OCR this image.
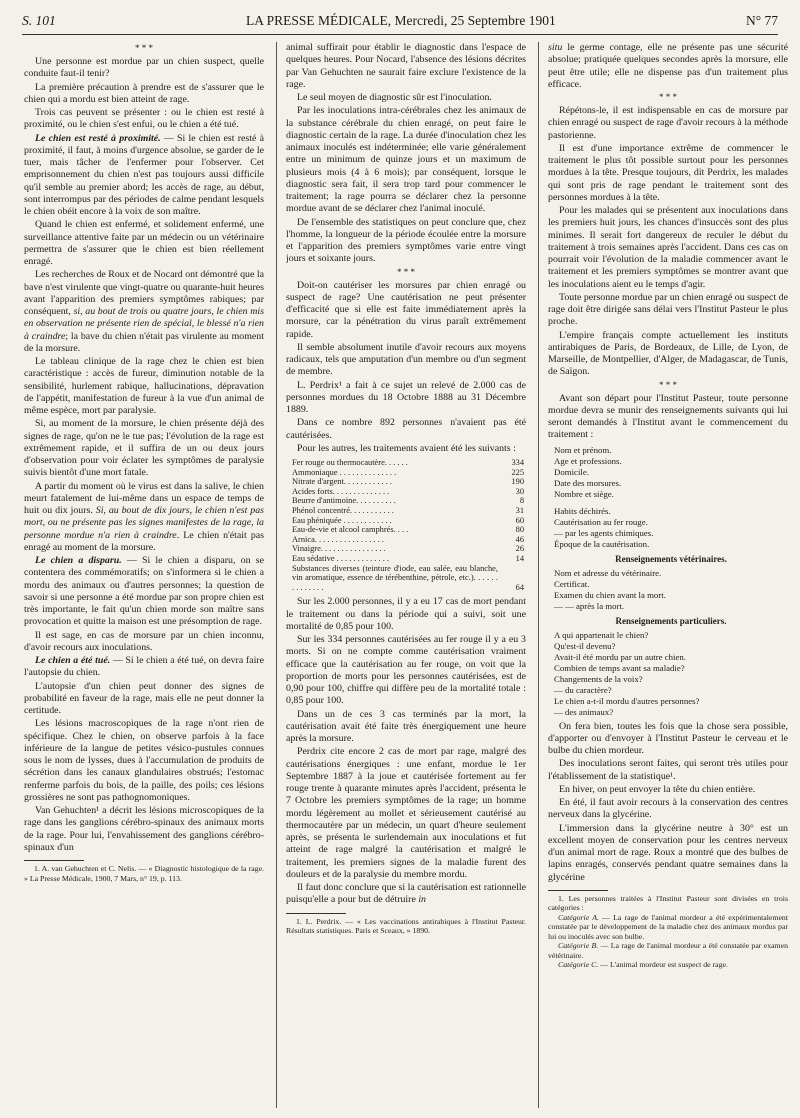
S. 101	LA PRESSE MÉDICALE, Mercredi, 25 Septembre 1901	N° 77
* * *

Une personne est mordue par un chien suspect, quelle conduite faut-il tenir?

La première précaution à prendre est de s'assurer que le chien qui a mordu est bien atteint de rage.

Trois cas peuvent se présenter : ou le chien est resté à proximité, ou le chien s'est enfui, ou le chien a été tué.

Le chien est resté à proximité. — Si le chien est resté à proximité, il faut, à moins d'urgence absolue, se garder de le tuer, mais tâcher de l'enfermer pour l'observer. Cet emprisonnement du chien n'est pas toujours aussi difficile qu'il semble au premier abord; les accès de rage, au début, sont interrompus par des périodes de calme pendant lesquels le chien obéit encore à la voix de son maître.

Quand le chien est enfermé, et solidement enfermé, une surveillance attentive faite par un médecin ou un vétérinaire permettra de s'assurer que le chien est bien réellement enragé.

Les recherches de Roux et de Nocard ont démontré que la bave n'est virulente que vingt-quatre ou quarante-huit heures avant l'apparition des premiers symptômes rabiques; par conséquent, si, au bout de trois ou quatre jours, le chien mis en observation ne présente rien de spécial, le blessé n'a rien à craindre; la bave du chien n'était pas virulente au moment de la morsure.

Le tableau clinique de la rage chez le chien est bien caractéristique : accès de fureur, diminution notable de la sensibilité, hurlement rabique, hallucinations, dépravation de l'appétit, manifestation de fureur à la vue d'un animal de même espèce, mort par paralysie.

Si, au moment de la morsure, le chien présente déjà des signes de rage, qu'on ne le tue pas; l'évolution de la rage est extrêmement rapide, et il suffira de un ou deux jours d'observation pour voir éclater les symptômes de paralysie suivis bientôt d'une mort fatale.

A partir du moment où le virus est dans la salive, le chien meurt fatalement de lui-même dans un espace de temps de huit ou dix jours. Si, au bout de dix jours, le chien n'est pas mort, ou ne présente pas les signes manifestes de la rage, la personne mordue n'a rien à craindre. Le chien n'était pas enragé au moment de la morsure.

Le chien a disparu. — Si le chien a disparu, on se contentera des commémoratifs; on s'informera si le chien a mordu des animaux ou d'autres personnes; la question de savoir si une personne a été mordue par son propre chien est très importante, le fait qu'un chien morde son maître sans provocation et quitte la maison est une présomption de rage.

Il est sage, en cas de morsure par un chien inconnu, d'avoir recours aux inoculations.

Le chien a été tué. — Si le chien a été tué, on devra faire l'autopsie du chien.

L'autopsie d'un chien peut donner des signes de probabilité en faveur de la rage, mais elle ne peut donner la certitude.

Les lésions macroscopiques de la rage n'ont rien de spécifique. Chez le chien, on observe parfois à la face inférieure de la langue de petites vésico-pustules connues sous le nom de lysses, dues à l'accumulation de produits de sécrétion dans les canaux glandulaires obstrués; l'estomac renferme parfois du bois, de la paille, des poils; ces lésions grossières ne sont pas pathognomoniques.

Van Gehuchten¹ a décrit les lésions microscopiques de la rage dans les ganglions cérébro-spinaux des animaux morts de la rage. Pour lui, l'envahissement des ganglions cérébro-spinaux d'un

1. A. van Gehuchten et C. Nelis. — « Diagnostic histologique de la rage. » La Presse Médicale, 1900, 7 Mars, n° 19, p. 113.

animal suffirait pour établir le diagnostic dans l'espace de quelques heures. Pour Nocard, l'absence des lésions décrites par Van Gehuchten ne saurait faire exclure l'existence de la rage.

Le seul moyen de diagnostic sûr est l'inoculation.

Par les inoculations intra-cérébrales chez les animaux de la substance cérébrale du chien enragé, on peut faire le diagnostic certain de la rage. La durée d'inoculation chez les animaux inoculés est indéterminée; elle varie généralement entre un minimum de quinze jours et un maximum de plusieurs mois (4 à 6 mois); par conséquent, lorsque le diagnostic sera fait, il sera trop tard pour commencer le traitement; la rage pourra se déclarer chez la personne mordue avant de se déclarer chez l'animal inoculé.

De l'ensemble des statistiques on peut conclure que, chez l'homme, la longueur de la période écoulée entre la morsure et l'apparition des premiers symptômes varie entre vingt jours et soixante jours.

* * *

Doit-on cautériser les morsures par chien enragé ou suspect de rage? Une cautérisation ne peut présenter d'efficacité que si elle est faite immédiatement après la morsure, car la pénétration du virus paraît extrêmement rapide.

Il semble absolument inutile d'avoir recours aux moyens radicaux, tels que amputation d'un membre ou d'un segment de membre.

L. Perdrix¹ a fait à ce sujet un relevé de 2.000 cas de personnes mordues du 18 Octobre 1888 au 31 Décembre 1889.

Dans ce nombre 892 personnes n'avaient pas été cautérisées.

Pour les autres, les traitements avaient été les suivants :

Fer rouge ou thermocautère. . . . . .	334
Ammoniaque . . . . . . . . . . . . . .	225
Nitrate d'argent. . . . . . . . . . . .	190
Acides forts. . . . . . . . . . . . . .	30
Beurre d'antimoine. . . . . . . . . .	8
Phénol concentré. . . . . . . . . . .	31
Eau phéniquée . . . . . . . . . . . .	60
Eau-de-vie et alcool camphrés. . . .	80
Arnica. . . . . . . . . . . . . . . . .	46
Vinaigre. . . . . . . . . . . . . . . .	26
Eau sédative . . . . . . . . . . . . .	14
Substances diverses (teinture d'iode, eau salée, eau blanche, vin aromatique, essence de térébenthine, pétrole, etc.). . . . . . . . . . . . . .	64

Sur les 2.000 personnes, il y a eu 17 cas de mort pendant le traitement ou dans la période qui a suivi, soit une mortalité de 0,85 pour 100.

Sur les 334 personnes cautérisées au fer rouge il y a eu 3 morts. Si on ne compte comme cautérisation vraiment efficace que la cautérisation au fer rouge, on voit que la proportion de morts pour les personnes cautérisées, est de 0,90 pour 100, chiffre qui diffère peu de la mortalité totale : 0,85 pour 100.

Dans un de ces 3 cas terminés par la mort, la cautérisation avait été faite très énergiquement une heure après la morsure.

Perdrix cite encore 2 cas de mort par rage, malgré des cautérisations énergiques : une enfant, mordue le 1er Septembre 1887 à la joue et cautérisée fortement au fer rouge trente à quarante minutes après l'accident, présenta le 7 Octobre les premiers symptômes de la rage; un homme mordu légèrement au mollet et sérieusement cautérisé au thermocautère par un médecin, un quart d'heure seulement après, se présenta le surlendemain aux inoculations et fut atteint de rage malgré la cautérisation et malgré le traitement, les premiers signes de la maladie furent des douleurs et de la paralysie du membre mordu.

Il faut donc conclure que si la cautérisation est rationnelle puisqu'elle a pour but de détruire in

1. L. Perdrix. — « Les vaccinations antirabiques à l'Institut Pasteur. Résultats statistiques. Paris et Sceaux, » 1890.

situ le germe contage, elle ne présente pas une sécurité absolue; pratiquée quelques secondes après la morsure, elle peut être utile; elle ne dispense pas d'un traitement plus efficace.

* * *

Répétons-le, il est indispensable en cas de morsure par chien enragé ou suspect de rage d'avoir recours à la méthode pastorienne.

Il est d'une importance extrême de commencer le traitement le plus tôt possible surtout pour les personnes mordues à la tête. Presque toujours, dit Perdrix, les malades qui sont pris de rage pendant le traitement sont des personnes mordues à la tête.

Pour les malades qui se présentent aux inoculations dans les premiers huit jours, les chances d'insuccès sont des plus minimes. Il serait fort dangereux de reculer le début du traitement à trois semaines après l'accident. Dans ces cas on pourrait voir l'évolution de la maladie commencer avant le traitement et les premiers symptômes se montrer avant que les inoculations aient eu le temps d'agir.

Toute personne mordue par un chien enragé ou suspect de rage doit être dirigée sans délai vers l'Institut Pasteur le plus proche.

L'empire français compte actuellement les instituts antirabiques de Paris, de Bordeaux, de Lille, de Lyon, de Marseille, de Montpellier, d'Alger, de Madagascar, de Tunis, de Saïgon.

* * *

Avant son départ pour l'Institut Pasteur, toute personne mordue devra se munir des renseignements suivants qui lui seront demandés à l'Institut avant le commencement du traitement :

Nom et prénom.
Age et professions.
Domicile.
Date des morsures.
Nombre et siège.
Habits déchirés.
Cautérisation au fer rouge.
— par les agents chimiques.
Époque de la cautérisation.
Renseignements vétérinaires.
Nom et adresse du vétérinaire.
Certificat.
Examen du chien avant la mort.
— — après la mort.
Renseignements particuliers.
A qui appartenait le chien?
Qu'est-il devenu?
Avait-il été mordu par un autre chien.
Combien de temps avant sa maladie?
Changements de la voix?
— du caractère?
Le chien a-t-il mordu d'autres personnes?
— des animaux?

On fera bien, toutes les fois que la chose sera possible, d'apporter ou d'envoyer à l'Institut Pasteur le cerveau et le bulbe du chien mordeur.

Des inoculations seront faites, qui seront très utiles pour l'établissement de la statistique¹.

En hiver, on peut envoyer la tête du chien entière.

En été, il faut avoir recours à la conservation des centres nerveux dans la glycérine.

L'immersion dans la glycérine neutre à 30° est un excellent moyen de conservation pour les centres nerveux d'un animal mort de rage. Roux a montré que des bulbes de lapins enragés, conservés pendant quatre semaines dans la glycérine

1. Les personnes traitées à l'Institut Pasteur sont divisées en trois catégories :

Catégorie A. — La rage de l'animal mordeur a été expérimentalement constatée par le développement de la maladie chez des animaux mordus par lui ou inoculés avec son bulbe.

Catégorie B. — La rage de l'animal mordeur a été constatée par examen vétérinaire.

Catégorie C. — L'animal mordeur est suspect de rage.
